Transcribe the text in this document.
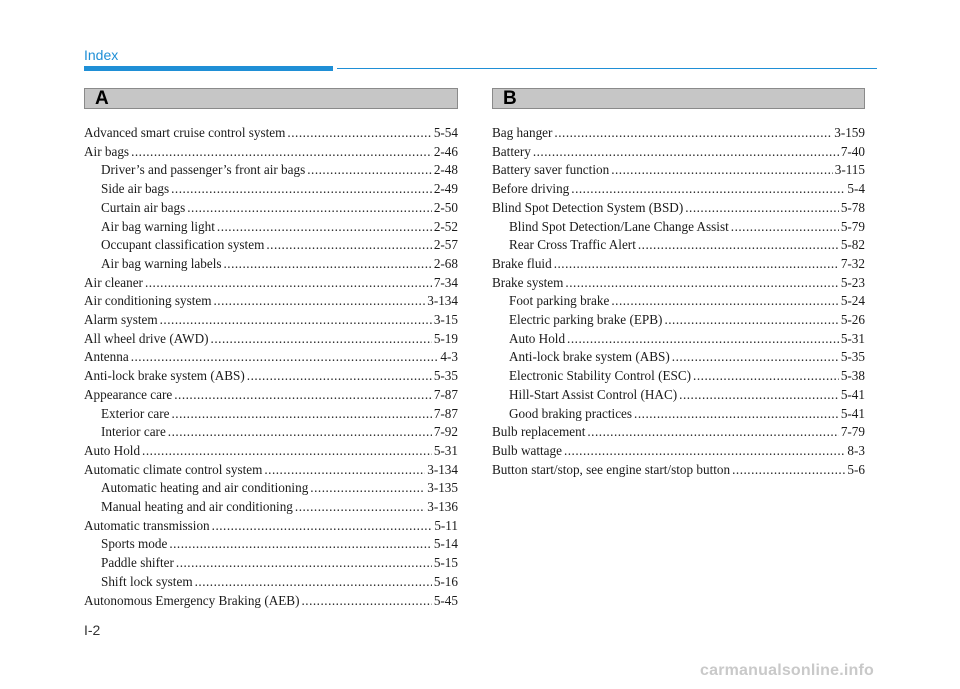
Index
A	B
Advanced smart cruise control system .....	5-54
Air bags .....	2-46
Driver’s and passenger’s front air bags .....	2-48
Side air bags .....	2-49
Curtain air bags .....	2-50
Air bag warning light .....	2-52
Occupant classification system .....	2-57
Air bag warning labels .....	2-68
Air cleaner .....	7-34
Air conditioning system .....	3-134
Alarm system .....	3-15
All wheel drive (AWD) .....	5-19
Antenna .....	4-3
Anti-lock brake system (ABS) .....	5-35
Appearance care .....	7-87
Exterior care .....	7-87
Interior care .....	7-92
Auto Hold .....	5-31
Automatic climate control system .....	3-134
Automatic heating and air conditioning .....	3-135
Manual heating and air conditioning .....	3-136
Automatic transmission .....	5-11
Sports mode .....	5-14
Paddle shifter .....	5-15
Shift lock system .....	5-16
Autonomous Emergency Braking (AEB) .....	5-45
Bag hanger .....	3-159
Battery .....	7-40
Battery saver function .....	3-115
Before driving .....	5-4
Blind Spot Detection System (BSD) .....	5-78
Blind Spot Detection/Lane Change Assist .....	5-79
Rear Cross Traffic Alert .....	5-82
Brake fluid .....	7-32
Brake system .....	5-23
Foot parking brake .....	5-24
Electric parking brake (EPB) .....	5-26
Auto Hold .....	5-31
Anti-lock brake system (ABS) .....	5-35
Electronic Stability Control (ESC) .....	5-38
Hill-Start Assist Control (HAC) .....	5-41
Good braking practices .....	5-41
Bulb replacement .....	7-79
Bulb wattage .....	8-3
Button start/stop, see engine start/stop button .....	5-6
I-2
carmanualsonline.info
